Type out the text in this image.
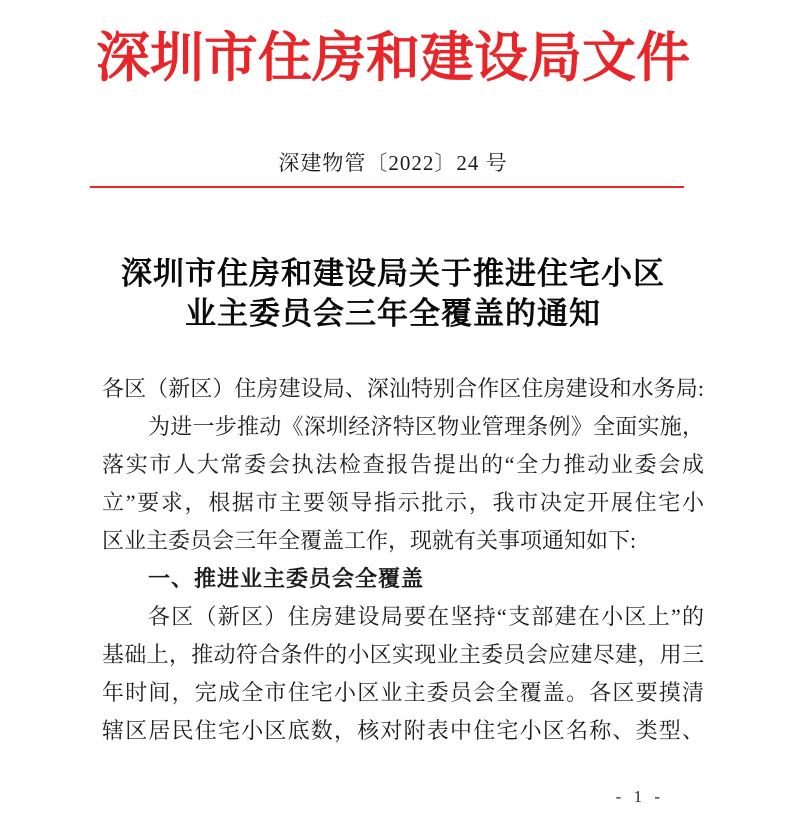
深圳市住房和建设局文件
深建物管〔2022〕24 号
深圳市住房和建设局关于推进住宅小区
业主委员会三年全覆盖的通知
各区（新区）住房建设局、深汕特别合作区住房建设和水务局:
为进一步推动《深圳经济特区物业管理条例》全面实施，
落实市人大常委会执法检查报告提出的“全力推动业委会成
立”要求，根据市主要领导指示批示，我市决定开展住宅小
区业主委员会三年全覆盖工作，现就有关事项通知如下:
一、推进业主委员会全覆盖
各区（新区）住房建设局要在坚持“支部建在小区上”的
基础上，推动符合条件的小区实现业主委员会应建尽建，用三
年时间，完成全市住宅小区业主委员会全覆盖。各区要摸清
辖区居民住宅小区底数，核对附表中住宅小区名称、类型、
- 1 -
